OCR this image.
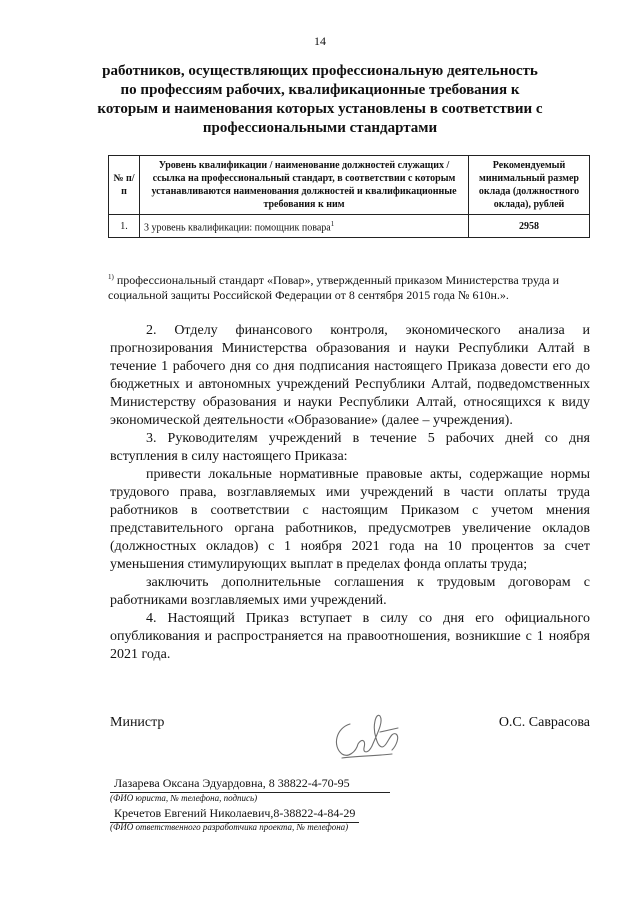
14
работников, осуществляющих профессиональную деятельность по профессиям рабочих, квалификационные требования к которым и наименования которых установлены в соответствии с профессиональными стандартами
№ п/п	Уровень квалификации / наименование должностей служащих / ссылка на профессиональный стандарт, в соответствии с которым устанавливаются наименования должностей и квалификационные требования к ним	Рекомендуемый минимальный размер оклада (должностного оклада), рублей
1.	3 уровень квалификации: помощник повара$^1$	2958
$^{1)}$ профессиональный стандарт «Повар», утвержденный приказом Министерства труда и социальной защиты Российской Федерации от 8 сентября 2015 года № 610н.».

2. Отделу финансового контроля, экономического анализа и прогнозирования Министерства образования и науки Республики Алтай в течение 1 рабочего дня со дня подписания настоящего Приказа довести его до бюджетных и автономных учреждений Республики Алтай, подведомственных Министерству образования и науки Республики Алтай, относящихся к виду экономической деятельности «Образование» (далее – учреждения).

3. Руководителям учреждений в течение 5 рабочих дней со дня вступления в силу настоящего Приказа:

привести локальные нормативные правовые акты, содержащие нормы трудового права, возглавляемых ими учреждений в части оплаты труда работников в соответствии с настоящим Приказом с учетом мнения представительного органа работников, предусмотрев увеличение окладов (должностных окладов) с 1 ноября 2021 года на 10 процентов за счет уменьшения стимулирующих выплат в пределах фонда оплаты труда;

заключить дополнительные соглашения к трудовым договорам с работниками возглавляемых ими учреждений.

4. Настоящий Приказ вступает в силу со дня его официального опубликования и распространяется на правоотношения, возникшие с 1 ноября 2021 года.

Министр	О.С. Саврасова
Лазарева Оксана Эдуардовна, 8 38822-4-70-95
(ФИО юриста, № телефона, подпись)
Кречетов Евгений Николаевич,8-38822-4-84-29
(ФИО ответственного разработчика проекта, № телефона)
